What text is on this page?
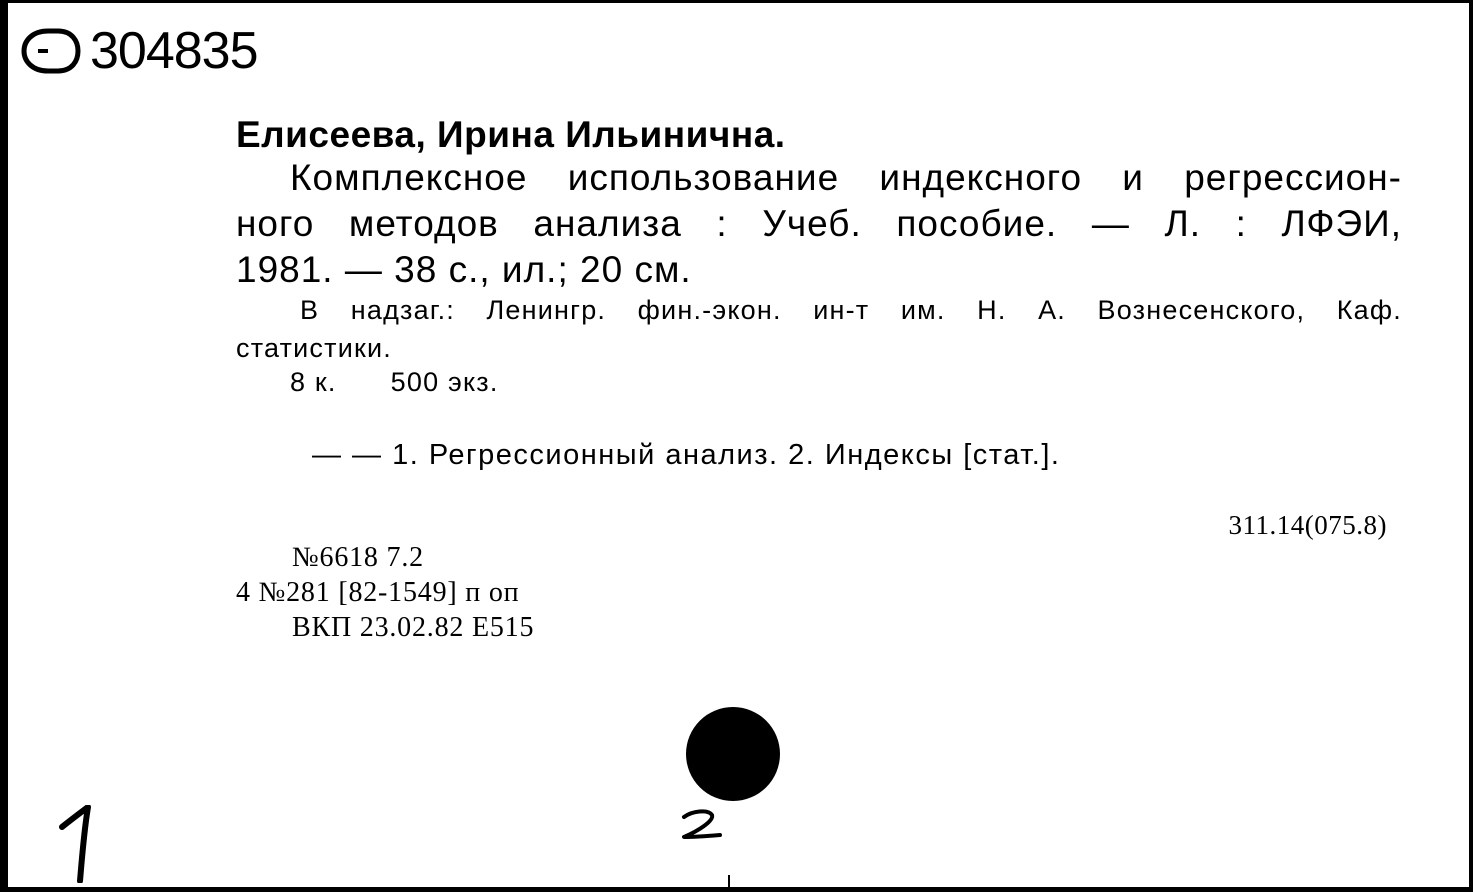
304835
Елисеева, Ирина Ильинична.
Комплексное использование индексного и регрессион-
ного методов анализа : Учеб. пособие. — Л. : ЛФЭИ,
1981. — 38 с., ил.; 20 см.
В надзаг.: Ленингр. фин.-экон. ин-т им. Н. А. Вознесенского, Каф.
статистики.
8 к. 500 экз.
— — 1. Регрессионный анализ. 2. Индексы [стат.].
311.14(075.8)
№6618 7.2
4 №281 [82-1549] п оп
ВКП 23.02.82 Е515
